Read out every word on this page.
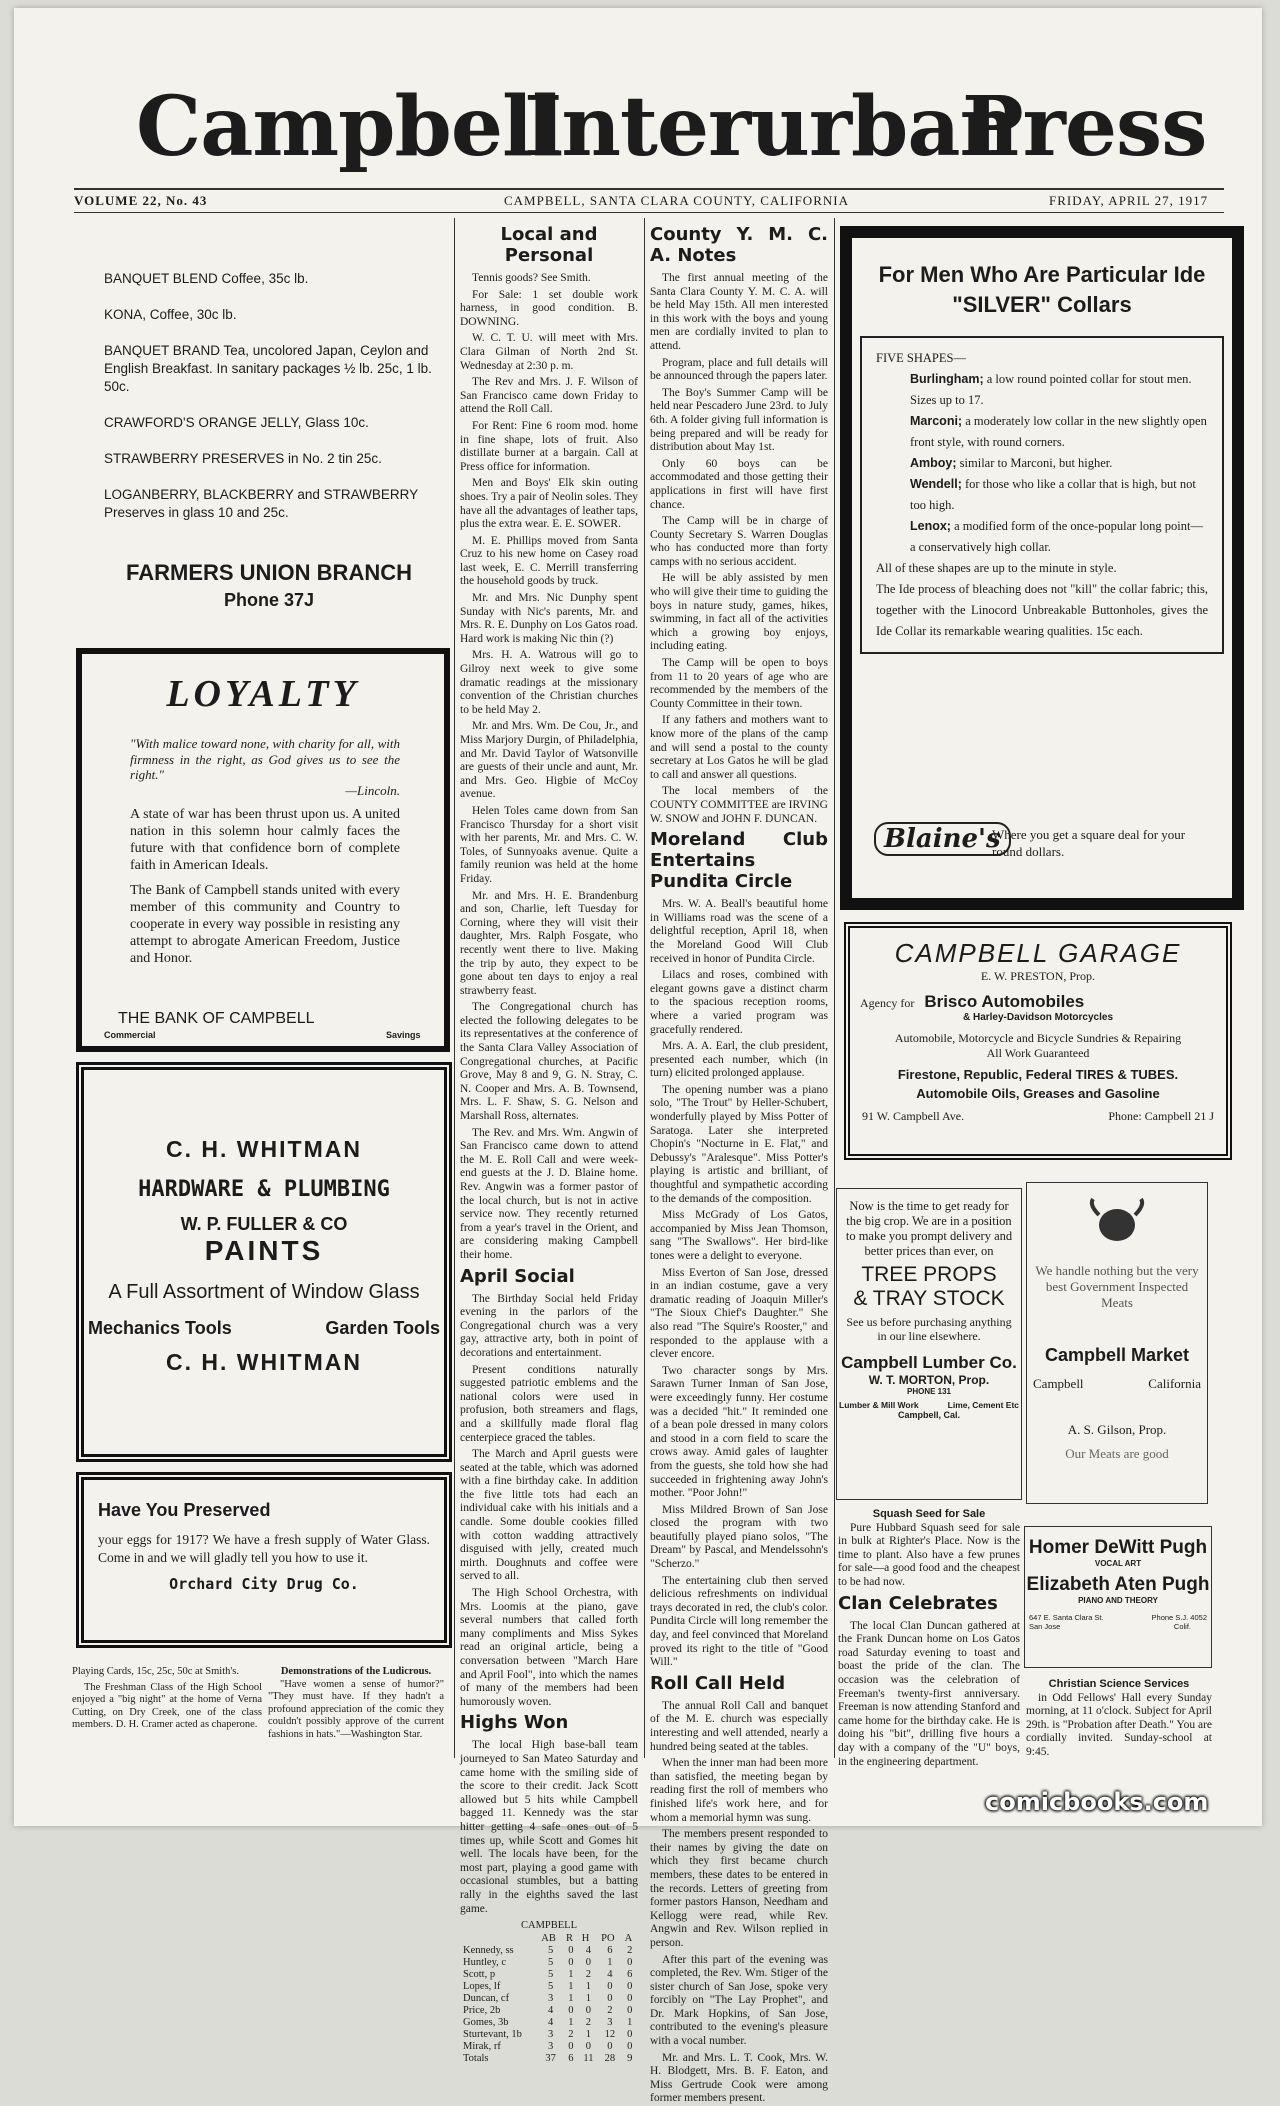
Campbell
Interurban
Press
VOLUME 22, No. 43	CAMPBELL, SANTA CLARA COUNTY, CALIFORNIA	FRIDAY, APRIL 27, 1917
BANQUET BLEND Coffee, 35c lb.
KONA, Coffee, 30c lb.
BANQUET BRAND Tea, uncolored Japan, Ceylon and English Breakfast. In sanitary packages ½ lb. 25c, 1 lb. 50c.
CRAWFORD'S ORANGE JELLY, Glass 10c.
STRAWBERRY PRESERVES in No. 2 tin 25c.
LOGANBERRY, BLACKBERRY and STRAWBERRY Preserves in glass 10 and 25c.
FARMERS UNION BRANCH
Phone 37J
LOYALTY
"With malice toward none, with charity for all, with firmness in the right, as God gives us to see the right."
—Lincoln.
A state of war has been thrust upon us. A united nation in this solemn hour calmly faces the future with that confidence born of complete faith in American Ideals.
The Bank of Campbell stands united with every member of this community and Country to cooperate in every way possible in resisting any attempt to abrogate American Freedom, Justice and Honor.
THE BANK OF CAMPBELL
Commercial	Savings
C. H. WHITMAN
HARDWARE & PLUMBING
W. P. FULLER & CO
PAINTS
A Full Assortment of Window Glass
Mechanics Tools	Garden Tools
C. H. WHITMAN
Have You Preserved
your eggs for 1917? We have a fresh supply of Water Glass. Come in and we will gladly tell you how to use it.
Orchard City Drug Co.

Playing Cards, 15c, 25c, 50c at Smith's.

The Freshman Class of the High School enjoyed a "big night" at the home of Verna Cutting, on Dry Creek, one of the class members. D. H. Cramer acted as chaperone.

Demonstrations of the Ludicrous.

"Have women a sense of humor?" "They must have. If they hadn't a profound appreciation of the comic they couldn't possibly approve of the current fashions in hats."—Washington Star.

Local and Personal

Tennis goods? See Smith.

For Sale: 1 set double work harness, in good condition. B. DOWNING.

W. C. T. U. will meet with Mrs. Clara Gilman of North 2nd St. Wednesday at 2:30 p. m.

The Rev and Mrs. J. F. Wilson of San Francisco came down Friday to attend the Roll Call.

For Rent: Fine 6 room mod. home in fine shape, lots of fruit. Also distillate burner at a bargain. Call at Press office for information.

Men and Boys' Elk skin outing shoes. Try a pair of Neolin soles. They have all the advantages of leather taps, plus the extra wear. E. E. SOWER.

M. E. Phillips moved from Santa Cruz to his new home on Casey road last week, E. C. Merrill transferring the household goods by truck.

Mr. and Mrs. Nic Dunphy spent Sunday with Nic's parents, Mr. and Mrs. R. E. Dunphy on Los Gatos road. Hard work is making Nic thin (?)

Mrs. H. A. Watrous will go to Gilroy next week to give some dramatic readings at the missionary convention of the Christian churches to be held May 2.

Mr. and Mrs. Wm. De Cou, Jr., and Miss Marjory Durgin, of Philadelphia, and Mr. David Taylor of Watsonville are guests of their uncle and aunt, Mr. and Mrs. Geo. Higbie of McCoy avenue.

Helen Toles came down from San Francisco Thursday for a short visit with her parents, Mr. and Mrs. C. W. Toles, of Sunnyoaks avenue. Quite a family reunion was held at the home Friday.

Mr. and Mrs. H. E. Brandenburg and son, Charlie, left Tuesday for Corning, where they will visit their daughter, Mrs. Ralph Fosgate, who recently went there to live. Making the trip by auto, they expect to be gone about ten days to enjoy a real strawberry feast.

The Congregational church has elected the following delegates to be its representatives at the conference of the Santa Clara Valley Association of Congregational churches, at Pacific Grove, May 8 and 9, G. N. Stray, C. N. Cooper and Mrs. A. B. Townsend, Mrs. L. F. Shaw, S. G. Nelson and Marshall Ross, alternates.

The Rev. and Mrs. Wm. Angwin of San Francisco came down to attend the M. E. Roll Call and were week-end guests at the J. D. Blaine home. Rev. Angwin was a former pastor of the local church, but is not in active service now. They recently returned from a year's travel in the Orient, and are considering making Campbell their home.

April Social

The Birthday Social held Friday evening in the parlors of the Congregational church was a very gay, attractive arty, both in point of decorations and entertainment.

Present conditions naturally suggested patriotic emblems and the national colors were used in profusion, both streamers and flags, and a skillfully made floral flag centerpiece graced the tables.

The March and April guests were seated at the table, which was adorned with a fine birthday cake. In addition the five little tots had each an individual cake with his initials and a candle. Some double cookies filled with cotton wadding attractively disguised with jelly, created much mirth. Doughnuts and coffee were served to all.

The High School Orchestra, with Mrs. Loomis at the piano, gave several numbers that called forth many compliments and Miss Sykes read an original article, being a conversation between "March Hare and April Fool", into which the names of many of the members had been humorously woven.

Highs Won

The local High base-ball team journeyed to San Mateo Saturday and came home with the smiling side of the score to their credit. Jack Scott allowed but 5 hits while Campbell bagged 11. Kennedy was the star hitter getting 4 safe ones out of 5 times up, while Scott and Gomes hit well. The locals have been, for the most part, playing a good game with occasional stumbles, but a batting rally in the eighths saved the last game.

CAMPBELL
	AB	R	H	PO	A
Kennedy, ss	5	0	4	6	2
Huntley, c	5	0	0	1	0
Scott, p	5	1	2	4	6
Lopes, lf	5	1	1	0	0
Duncan, cf	3	1	1	0	0
Price, 2b	4	0	0	2	0
Gomes, 3b	4	1	2	3	1
Sturtevant, 1b	3	2	1	12	0
Mirak, rf	3	0	0	0	0
Totals	37	6	11	28	9
County Y. M. C. A. Notes

The first annual meeting of the Santa Clara County Y. M. C. A. will be held May 15th. All men interested in this work with the boys and young men are cordially invited to plan to attend.

Program, place and full details will be announced through the papers later.

The Boy's Summer Camp will be held near Pescadero June 23rd. to July 6th. A folder giving full information is being prepared and will be ready for distribution about May 1st.

Only 60 boys can be accommodated and those getting their applications in first will have first chance.

The Camp will be in charge of County Secretary S. Warren Douglas who has conducted more than forty camps with no serious accident.

He will be ably assisted by men who will give their time to guiding the boys in nature study, games, hikes, swimming, in fact all of the activities which a growing boy enjoys, including eating.

The Camp will be open to boys from 11 to 20 years of age who are recommended by the members of the County Committee in their town.

If any fathers and mothers want to know more of the plans of the camp and will send a postal to the county secretary at Los Gatos he will be glad to call and answer all questions.

The local members of the COUNTY COMMITTEE are IRVING W. SNOW and JOHN F. DUNCAN.

Moreland Club Entertains Pundita Circle

Mrs. W. A. Beall's beautiful home in Williams road was the scene of a delightful reception, April 18, when the Moreland Good Will Club received in honor of Pundita Circle.

Lilacs and roses, combined with elegant gowns gave a distinct charm to the spacious reception rooms, where a varied program was gracefully rendered.

Mrs. A. A. Earl, the club president, presented each number, which (in turn) elicited prolonged applause.

The opening number was a piano solo, "The Trout" by Heller-Schubert, wonderfully played by Miss Potter of Saratoga. Later she interpreted Chopin's "Nocturne in E. Flat," and Debussy's "Aralesque". Miss Potter's playing is artistic and brilliant, of thoughtful and sympathetic according to the demands of the composition.

Miss McGrady of Los Gatos, accompanied by Miss Jean Thomson, sang "The Swallows". Her bird-like tones were a delight to everyone.

Miss Everton of San Jose, dressed in an indian costume, gave a very dramatic reading of Joaquin Miller's "The Sioux Chief's Daughter." She also read "The Squire's Rooster," and responded to the applause with a clever encore.

Two character songs by Mrs. Sarawn Turner Inman of San Jose, were exceedingly funny. Her costume was a decided "hit." It reminded one of a bean pole dressed in many colors and stood in a corn field to scare the crows away. Amid gales of laughter from the guests, she told how she had succeeded in frightening away John's mother. "Poor John!"

Miss Mildred Brown of San Jose closed the program with two beautifully played piano solos, "The Dream" by Pascal, and Mendelssohn's "Scherzo."

The entertaining club then served delicious refreshments on individual trays decorated in red, the club's color. Pundita Circle will long remember the day, and feel convinced that Moreland proved its right to the title of "Good Will."

Roll Call Held

The annual Roll Call and banquet of the M. E. church was especially interesting and well attended, nearly a hundred being seated at the tables.

When the inner man had been more than satisfied, the meeting began by reading first the roll of members who finished life's work here, and for whom a memorial hymn was sung.

The members present responded to their names by giving the date on which they first became church members, these dates to be entered in the records. Letters of greeting from former pastors Hanson, Needham and Kellogg were read, while Rev. Angwin and Rev. Wilson replied in person.

After this part of the evening was completed, the Rev. Wm. Stiger of the sister church of San Jose, spoke very forcibly on "The Lay Prophet", and Dr. Mark Hopkins, of San Jose, contributed to the evening's pleasure with a vocal number.

Mr. and Mrs. L. T. Cook, Mrs. W. H. Blodgett, Mrs. B. F. Eaton, and Miss Gertrude Cook were among former members present.

For Men Who Are Particular Ide "SILVER" Collars
FIVE SHAPES—
Burlingham; a low round pointed collar for stout men. Sizes up to 17.
Marconi; a moderately low collar in the new slightly open front style, with round corners.
Amboy; similar to Marconi, but higher.
Wendell; for those who like a collar that is high, but not too high.
Lenox; a modified form of the once-popular long point—a conservatively high collar.
All of these shapes are up to the minute in style.
The Ide process of bleaching does not "kill" the collar fabric; this, together with the Linocord Unbreakable Buttonholes, gives the Ide Collar its remarkable wearing qualities. 15c each.
Blaine's
Where you get a square deal for your round dollars.
CAMPBELL GARAGE
E. W. PRESTON, Prop.
Agency for Brisco Automobiles
& Harley-Davidson Motorcycles
Automobile, Motorcycle and Bicycle Sundries & Repairing
All Work Guaranteed
Firestone, Republic, Federal TIRES & TUBES.
Automobile Oils, Greases and Gasoline
91 W. Campbell Ave.	Phone: Campbell 21 J
Now is the time to get ready for the big crop. We are in a position to make you prompt delivery and better prices than ever, on
TREE PROPS
& TRAY STOCK
See us before purchasing anything in our line elsewhere.
Campbell Lumber Co.
W. T. MORTON, Prop.
PHONE 131
Lumber & Mill Work	Lime, Cement Etc
Campbell, Cal.
We handle nothing but the very best Government Inspected Meats
Campbell Market
Campbell	California
A. S. Gilson, Prop.
Our Meats are good
Squash Seed for Sale

Pure Hubbard Squash seed for sale in bulk at Righter's Place. Now is the time to plant. Also have a few prunes for sale—a good food and the cheapest to be had now.

Clan Celebrates

The local Clan Duncan gathered at the Frank Duncan home on Los Gatos road Saturday evening to toast and boast the pride of the clan. The occasion was the celebration of Freeman's twenty-first anniversary. Freeman is now attending Stanford and came home for the birthday cake. He is doing his "bit", drilling five hours a day with a company of the "U" boys, in the engineering department.

Homer DeWitt Pugh
VOCAL ART
Elizabeth Aten Pugh
PIANO AND THEORY
647 E. Santa Clara St.	Phone S.J. 4052
San Jose	Colif.
Christian Science Services

in Odd Fellows' Hall every Sunday morning, at 11 o'clock. Subject for April 29th. is "Probation after Death." You are cordially invited. Sunday-school at 9:45.

comicbooks.com
